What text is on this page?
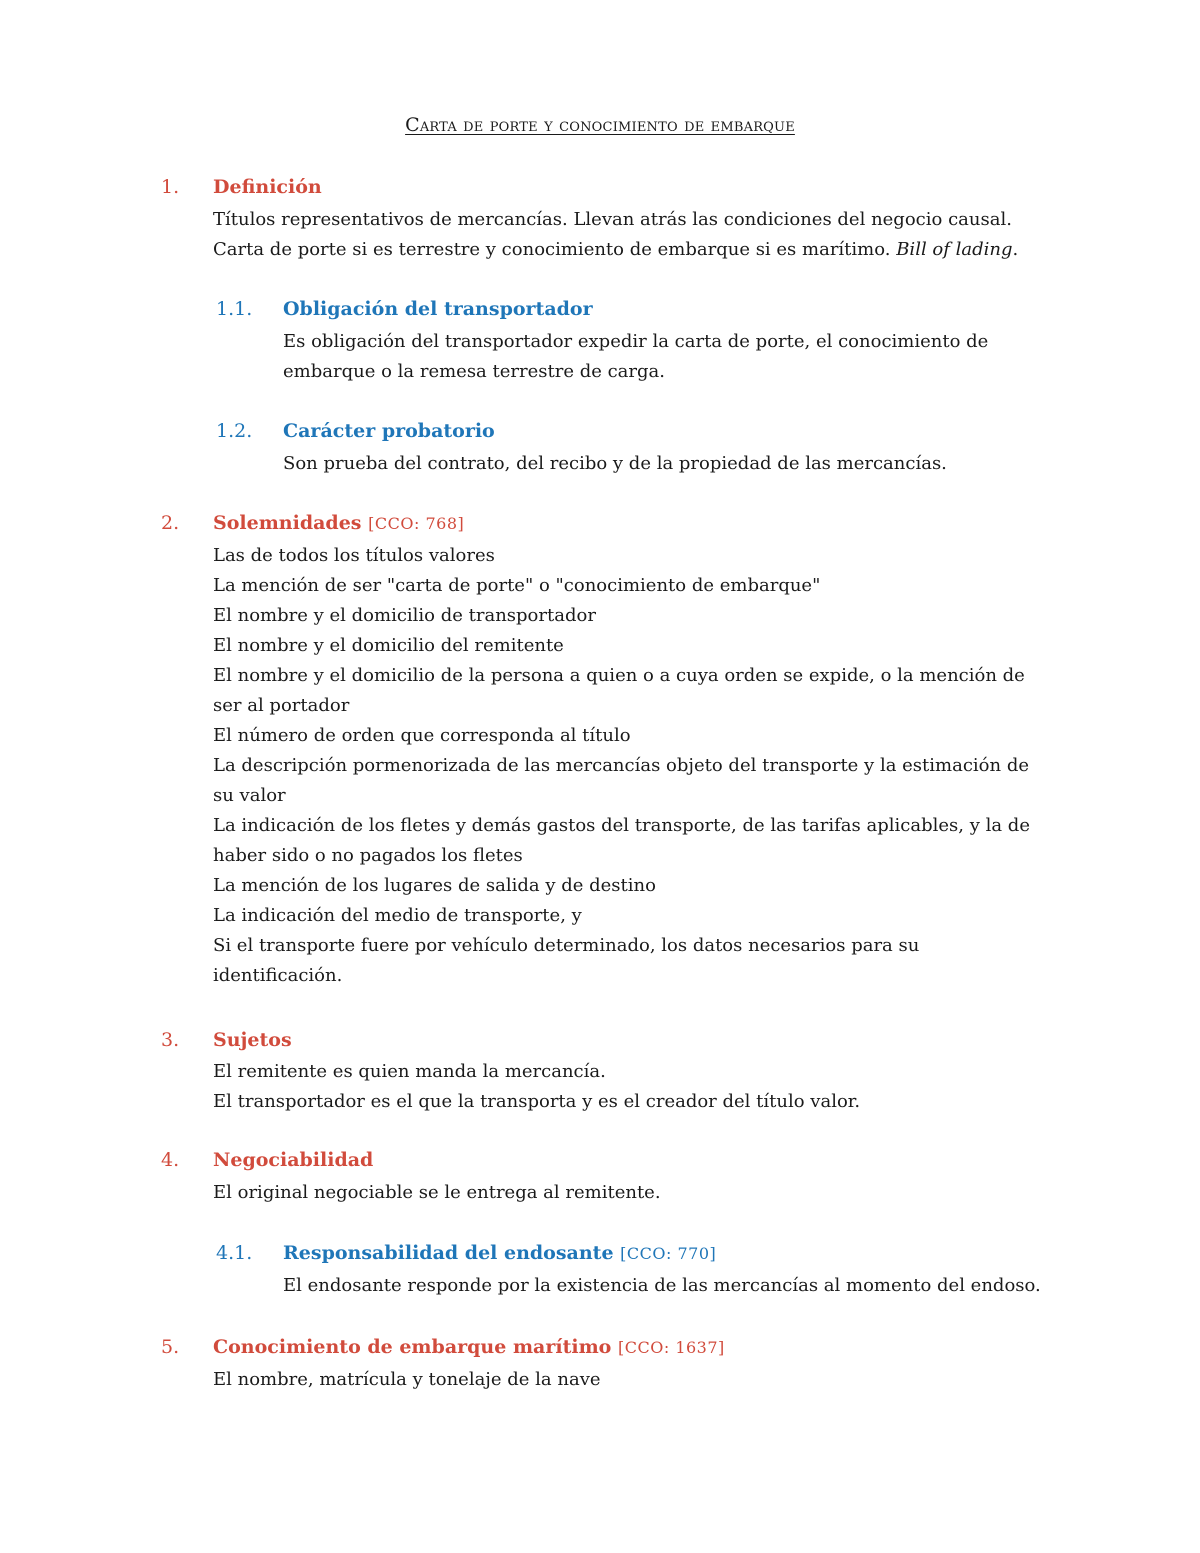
Carta de porte y conocimiento de embarque
1. Definición
Títulos representativos de mercancías. Llevan atrás las condiciones del negocio causal.
Carta de porte si es terrestre y conocimiento de embarque si es marítimo. Bill of lading.
1.1. Obligación del transportador
Es obligación del transportador expedir la carta de porte, el conocimiento de
embarque o la remesa terrestre de carga.
1.2. Carácter probatorio
Son prueba del contrato, del recibo y de la propiedad de las mercancías.
2. Solemnidades [CCO: 768]
Las de todos los títulos valores
La mención de ser "carta de porte" o "conocimiento de embarque"
El nombre y el domicilio de transportador
El nombre y el domicilio del remitente
El nombre y el domicilio de la persona a quien o a cuya orden se expide, o la mención de
ser al portador
El número de orden que corresponda al título
La descripción pormenorizada de las mercancías objeto del transporte y la estimación de
su valor
La indicación de los fletes y demás gastos del transporte, de las tarifas aplicables, y la de
haber sido o no pagados los fletes
La mención de los lugares de salida y de destino
La indicación del medio de transporte, y
Si el transporte fuere por vehículo determinado, los datos necesarios para su
identificación.
3. Sujetos
El remitente es quien manda la mercancía.
El transportador es el que la transporta y es el creador del título valor.
4. Negociabilidad
El original negociable se le entrega al remitente.
4.1. Responsabilidad del endosante [CCO: 770]
El endosante responde por la existencia de las mercancías al momento del endoso.
5. Conocimiento de embarque marítimo [CCO: 1637]
El nombre, matrícula y tonelaje de la nave
